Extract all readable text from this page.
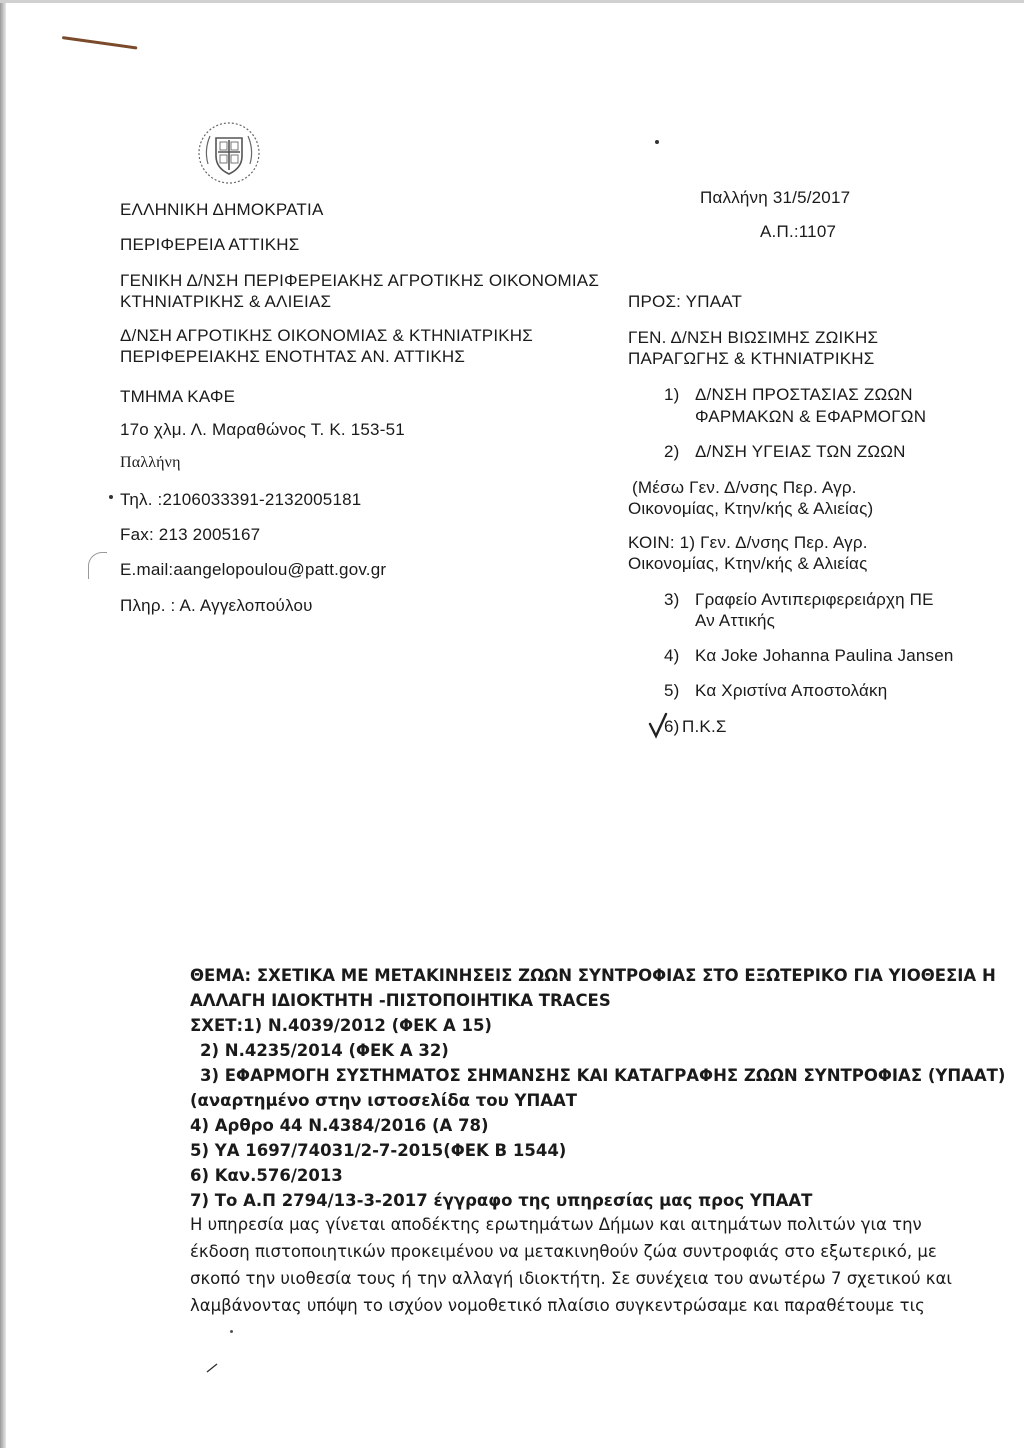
ΕΛΛΗΝΙΚΗ ΔΗΜΟΚΡΑΤΙΑ
ΠΕΡΙΦΕΡΕΙΑ ΑΤΤΙΚΗΣ
ΓΕΝΙΚΗ Δ/ΝΣΗ ΠΕΡΙΦΕΡΕΙΑΚΗΣ ΑΓΡΟΤΙΚΗΣ ΟΙΚΟΝΟΜΙΑΣ
ΚΤΗΝΙΑΤΡΙΚΗΣ & ΑΛΙΕΙΑΣ
Δ/ΝΣΗ ΑΓΡΟΤΙΚΗΣ ΟΙΚΟΝΟΜΙΑΣ & ΚΤΗΝΙΑΤΡΙΚΗΣ
ΠΕΡΙΦΕΡΕΙΑΚΗΣ ΕΝΟΤΗΤΑΣ ΑΝ. ΑΤΤΙΚΗΣ
ΤΜΗΜΑ ΚΑΦΕ
17ο χλμ. Λ. Μαραθώνος Τ. Κ. 153-51
Παλλήνη
Τηλ. :2106033391-2132005181
Fax: 213 2005167
E.mail:aangelopoulou@patt.gov.gr
Πληρ. : Α. Αγγελοπούλου
Παλλήνη 31/5/2017
Α.Π.:1107
ΠΡΟΣ: ΥΠΑΑΤ
ΓΕΝ. Δ/ΝΣΗ ΒΙΩΣΙΜΗΣ ΖΩΙΚΗΣ
ΠΑΡΑΓΩΓΗΣ & ΚΤΗΝΙΑΤΡΙΚΗΣ
1) Δ/ΝΣΗ ΠΡΟΣΤΑΣΙΑΣ ΖΩΩΝ
ΦΑΡΜΑΚΩΝ & ΕΦΑΡΜΟΓΩΝ
2) Δ/ΝΣΗ ΥΓΕΙΑΣ ΤΩΝ ΖΩΩΝ
(Μέσω Γεν. Δ/νσης Περ. Αγρ.
Οικονομίας, Κτην/κής & Αλιείας)
ΚΟΙΝ: 1) Γεν. Δ/νσης Περ. Αγρ.
Οικονομίας, Κτην/κής & Αλιείας
3) Γραφείο Αντιπεριφερειάρχη ΠΕ
Αν Αττικής
4) Κα Joke Johanna Paulina Jansen
5) Κα Χριστίνα Αποστολάκη
6) Π.Κ.Σ
ΘΕΜΑ: ΣΧΕΤΙΚΑ ΜΕ ΜΕΤΑΚΙΝΗΣΕΙΣ ΖΩΩΝ ΣΥΝΤΡΟΦΙΑΣ ΣΤΟ ΕΞΩΤΕΡΙΚΟ ΓΙΑ ΥΙΟΘΕΣΙΑ Η
ΑΛΛΑΓΗ ΙΔΙΟΚΤΗΤΗ -ΠΙΣΤΟΠΟΙΗΤΙΚΑ TRACES
ΣΧΕΤ:1) Ν.4039/2012 (ΦΕΚ Α 15)
2) Ν.4235/2014 (ΦΕΚ Α 32)
3) ΕΦΑΡΜΟΓΗ ΣΥΣΤΗΜΑΤΟΣ ΣΗΜΑΝΣΗΣ ΚΑΙ ΚΑΤΑΓΡΑΦΗΣ ΖΩΩΝ ΣΥΝΤΡΟΦΙΑΣ (ΥΠΑΑΤ)
(αναρτημένο στην ιστοσελίδα του ΥΠΑΑΤ
4) Αρθρο 44 Ν.4384/2016 (Α 78)
5) ΥΑ 1697/74031/2-7-2015(ΦΕΚ Β 1544)
6) Καν.576/2013
7) Το Α.Π 2794/13-3-2017 έγγραφο της υπηρεσίας μας προς ΥΠΑΑΤ
Η υπηρεσία μας γίνεται αποδέκτης ερωτημάτων Δήμων και αιτημάτων πολιτών για την
έκδοση πιστοποιητικών προκειμένου να μετακινηθούν ζώα συντροφιάς στο εξωτερικό, με
σκοπό την υιοθεσία τους ή την αλλαγή ιδιοκτήτη. Σε συνέχεια του ανωτέρω 7 σχετικού και
λαμβάνοντας υπόψη το ισχύον νομοθετικό πλαίσιο συγκεντρώσαμε και παραθέτουμε τις
